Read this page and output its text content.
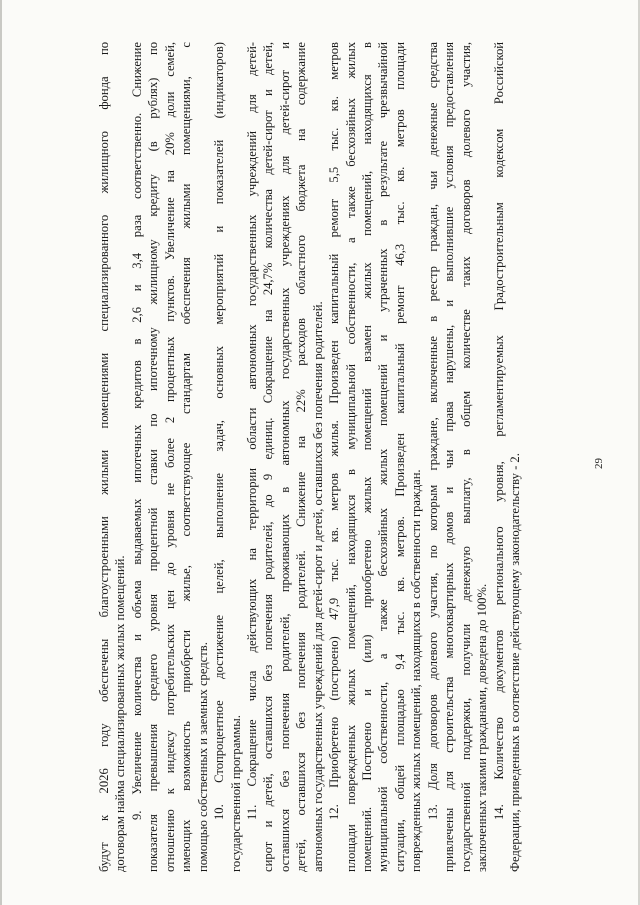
29
будут к 2026 году обеспечены благоустроенными жилыми помещениями специализированного жилищного фонда по договорам найма специализированных жилых помещений. 9. Увеличение количества и объема выдаваемых ипотечных кредитов в 2,6 и 3,4 раза соответственно. Снижение показателя превышения среднего уровня процентной ставки по ипотечному жилищному кредиту (в рублях) по отношению к индексу потребительских цен до уровня не более 2 процентных пунктов. Увеличение на 20% доли семей, имеющих возможность приобрести жилье, соответствующее стандартам обеспечения жилыми помещениями, с помощью собственных и заемных средств. 10. Стопроцентное достижение целей, выполнение задач, основных мероприятий и показателей (индикаторов) государственной программы. 11. Сокращение числа действующих на территории области автономных государственных учреждений для детей- сирот и детей, оставшихся без попечения родителей, до 9 единиц. Сокращение на 24,7% количества детей-сирот и детей, оставшихся без попечения родителей, проживающих в автономных государственных учреждениях для детей-сирот и детей, оставшихся без попечения родителей. Снижение на 22% расходов областного бюджета на содержание автономных государственных учреждений для детей-сирот и детей, оставшихся без попечения родителей. 12. Приобретено (построено) 47,9 тыс. кв. метров жилья. Произведен капитальный ремонт 5,5 тыс. кв. метров площади поврежденных жилых помещений, находящихся в муниципальной собственности, а также бесхозяйных жилых помещений. Построено и (или) приобретено жилых помещений взамен жилых помещений, находящихся в муниципальной собственности, а также бесхозяйных жилых помещений и утраченных в результате чрезвычайной ситуации, общей площадью 9,4 тыс. кв. метров. Произведен капитальный ремонт 46,3 тыс. кв. метров площади поврежденных жилых помещений, находящихся в собственности граждан. 13. Доля договоров долевого участия, по которым граждане, включенные в реестр граждан, чьи денежные средства привлечены для строительства многоквартирных домов и чьи права нарушены, и выполнившие условия предоставления государственной поддержки, получили денежную выплату, в общем количестве таких договоров долевого участия, заключенных такими гражданами, доведена до 100%. 14. Количество документов регионального уровня, регламентируемых Градостроительным кодексом Российской Федерации, приведенных в соответствие действующему законодательству - 2.
